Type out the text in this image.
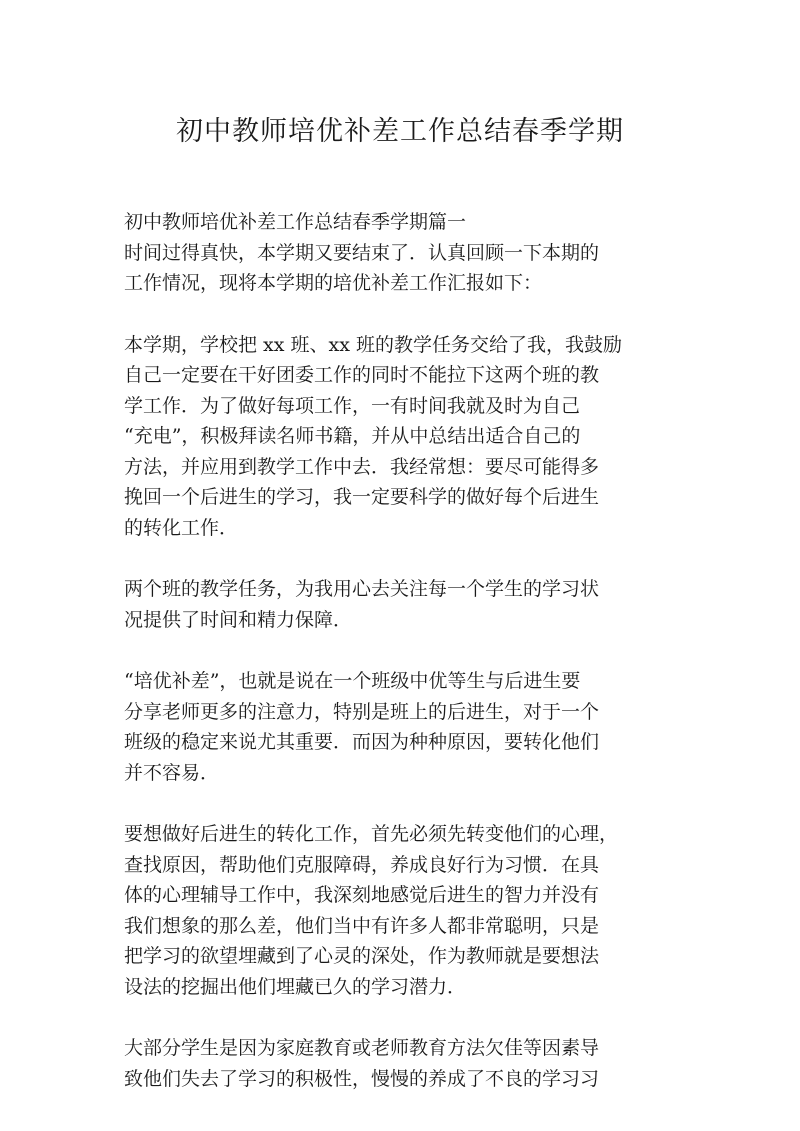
初中教师培优补差工作总结春季学期
初中教师培优补差工作总结春季学期篇一
时间过得真快，本学期又要结束了．认真回顾一下本期的
工作情况，现将本学期的培优补差工作汇报如下：
本学期，学校把 xx 班、xx 班的教学任务交给了我，我鼓励
自己一定要在干好团委工作的同时不能拉下这两个班的教
学工作．为了做好每项工作，一有时间我就及时为自己
“充电”，积极拜读名师书籍，并从中总结出适合自己的
方法，并应用到教学工作中去．我经常想：要尽可能得多
挽回一个后进生的学习，我一定要科学的做好每个后进生
的转化工作．
两个班的教学任务，为我用心去关注每一个学生的学习状
况提供了时间和精力保障．
“培优补差”，也就是说在一个班级中优等生与后进生要
分享老师更多的注意力，特别是班上的后进生，对于一个
班级的稳定来说尤其重要．而因为种种原因，要转化他们
并不容易．
要想做好后进生的转化工作，首先必须先转变他们的心理，
查找原因，帮助他们克服障碍，养成良好行为习惯．在具
体的心理辅导工作中，我深刻地感觉后进生的智力并没有
我们想象的那么差，他们当中有许多人都非常聪明，只是
把学习的欲望埋藏到了心灵的深处，作为教师就是要想法
设法的挖掘出他们埋藏已久的学习潜力．
大部分学生是因为家庭教育或老师教育方法欠佳等因素导
致他们失去了学习的积极性，慢慢的养成了不良的学习习
